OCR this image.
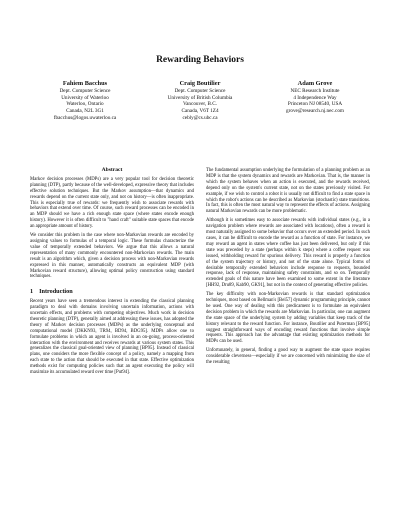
Rewarding Behaviors
Fahiem Bacchus
Dept. Computer Science
University of Waterloo
Waterloo, Ontario
Canada, N2L 3G1
fbacchus@logos.uwaterloo.ca
Craig Boutilier
Dept. Computer Science
University of British Columbia
Vancouver, B.C.
Canada, V6T 1Z4
cebly@cs.ubc.ca
Adam Grove
NEC Research Institute
4 Independence Way
Princeton NJ 08540, USA
grove@research.nj.nec.com
Abstract

Markov decision processes (MDPs) are a very popular tool for decision theoretic planning (DTP), partly because of the well-developed, expressive theory that includes effective solution techniques. But the Markov assumption—that dynamics and rewards depend on the current state only, and not on history—is often inappropriate. This is especially true of rewards: we frequently wish to associate rewards with behaviors that extend over time. Of course, such reward processes can be encoded in an MDP should we have a rich enough state space (where states encode enough history). However it is often difficult to "hand craft" suitable state spaces that encode an appropriate amount of history.

We consider this problem in the case where non-Markovian rewards are encoded by assigning values to formulas of a temporal logic. These formulas characterize the value of temporally extended behaviors. We argue that this allows a natural representation of many commonly encountered non-Markovian rewards. The main result is an algorithm which, given a decision process with non-Markovian rewards expressed in this manner, automatically constructs an equivalent MDP (with Markovian reward structure), allowing optimal policy construction using standard techniques.

1 Introduction

Recent years have seen a tremendous interest in extending the classical planning paradigm to deal with domains involving uncertain information, actions with uncertain effects, and problems with competing objectives. Much work in decision theoretic planning (DTP), generally aimed at addressing these issues, has adopted the theory of Markov decision processes (MDPs) as the underlying conceptual and computational model [DKKN93, TR94, BD94, BDG95]. MDPs allow one to formulate problems in which an agent is involved in an on-going, process-oriented interaction with the environment and receives rewards at various system states. This generalizes the classical goal-oriented view of planning [BP95]. Instead of classical plans, one considers the more flexible concept of a policy, namely a mapping from each state to the action that should be executed in that state. Effective optimization methods exist for computing policies such that an agent executing the policy will maximize its accumulated reward over time [Put94].

The fundamental assumption underlying the formulation of a planning problem as an MDP is that the system dynamics and rewards are Markovian. That is, the manner in which the system behaves when an action is executed, and the rewards received, depend only on the system's current state, not on the states previously visited. For example, if we wish to control a robot it is usually not difficult to find a state space in which the robot's actions can be described as Markovian (stochastic) state transitions. In fact, this is often the most natural way to represent the effects of actions. Assigning natural Markovian rewards can be more problematic.

Although it is sometimes easy to associate rewards with individual states (e.g., in a navigation problem where rewards are associated with locations), often a reward is most naturally assigned to some behavior that occurs over an extended period. In such cases, it can be difficult to encode the reward as a function of state. For instance, we may reward an agent in states where coffee has just been delivered, but only if this state was preceded by a state (perhaps within k steps) where a coffee request was issued, withholding reward for spurious delivery. This reward is properly a function of the system trajectory or history, and not of the state alone. Typical forms of desirable temporally extended behaviors include response to requests, bounded response, lack of response, maintaining safety constraints, and so on. Temporally extended goals of this nature have been examined to some extent in the literature [HH92, Dru89, Kab90, GK91], but not in the context of generating effective policies.

The key difficulty with non-Markovian rewards is that standard optimization techniques, most based on Bellman's [Bel57] dynamic programming principle, cannot be used. One way of dealing with this predicament is to formulate an equivalent decision problem in which the rewards are Markovian. In particular, one can augment the state space of the underlying system by adding variables that keep track of the history relevant to the reward function. For instance, Boutilier and Puterman [BP95] suggest straightforward ways of encoding reward functions that involve simple requests. This approach has the advantage that existing optimization methods for MDPs can be used.

Unfortunately, in general, finding a good way to augment the state space requires considerable cleverness—especially if we are concerned with minimizing the size of the resulting
